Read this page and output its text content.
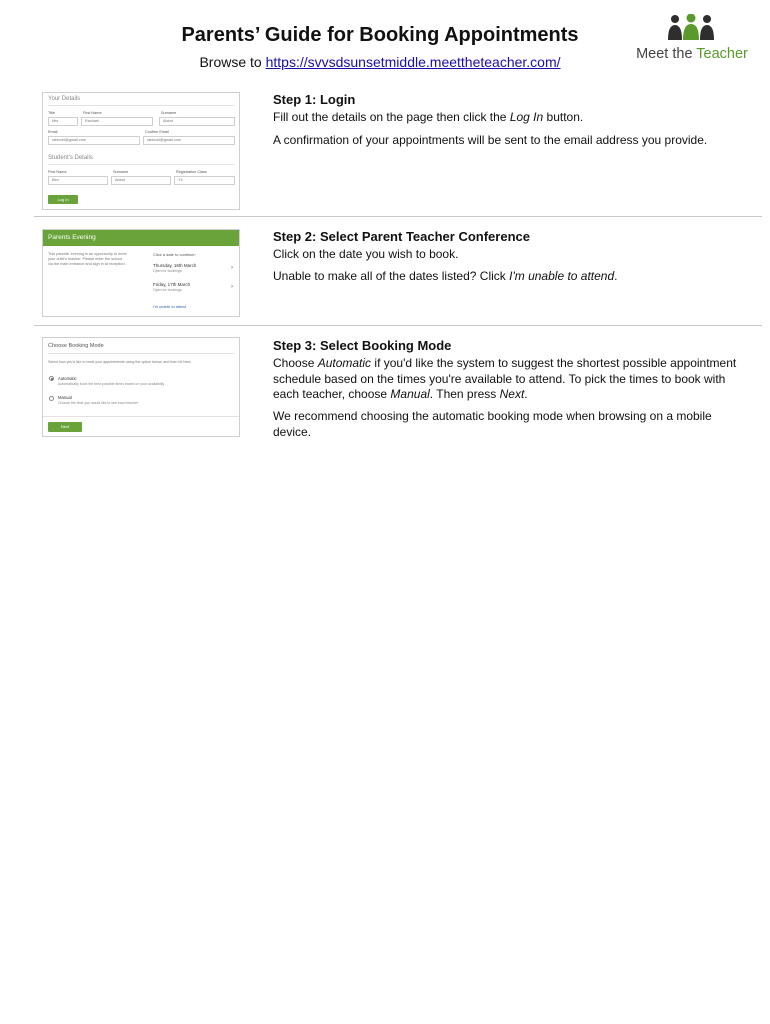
Parents’ Guide for Booking Appointments
Browse to https://svvsdsunsetmiddle.meettheteacher.com/	Meet the Teacher
Your Details
Title
Mrs
First Name
Rachael
Surname
Abbot
Email
rabbot4@gmail.com
Confirm Email
rabbot4@gmail.com
Student's Details
First Name
Ben
Surname
Abbot
Registration Class
Y4
Log In
Step 1: Login

Fill out the details on the page then click the Log In button.

A confirmation of your appointments will be sent to the email address you provide.

Parents Evening
This parents' evening is an opportunity to meet your child's teacher. Please enter the school via the main entrance and sign in at reception.
Click a date to continue:
Thursday, 16th March
Open for bookings	›
Friday, 17th March
Open for bookings	›
I'm unable to attend
Step 2: Select Parent Teacher Conference

Click on the date you wish to book.

Unable to make all of the dates listed? Click I'm unable to attend.

Choose Booking Mode
Select how you'd like to book your appointments using the option below, and then hit Next.
Automatic
Automatically book the best possible times based on your availability
Manual
Choose the time you would like to see each teacher
Next
Step 3: Select Booking Mode

Choose Automatic if you'd like the system to suggest the shortest possible appointment schedule based on the times you're available to attend. To pick the times to book with each teacher, choose Manual. Then press Next.

We recommend choosing the automatic booking mode when browsing on a mobile device.
